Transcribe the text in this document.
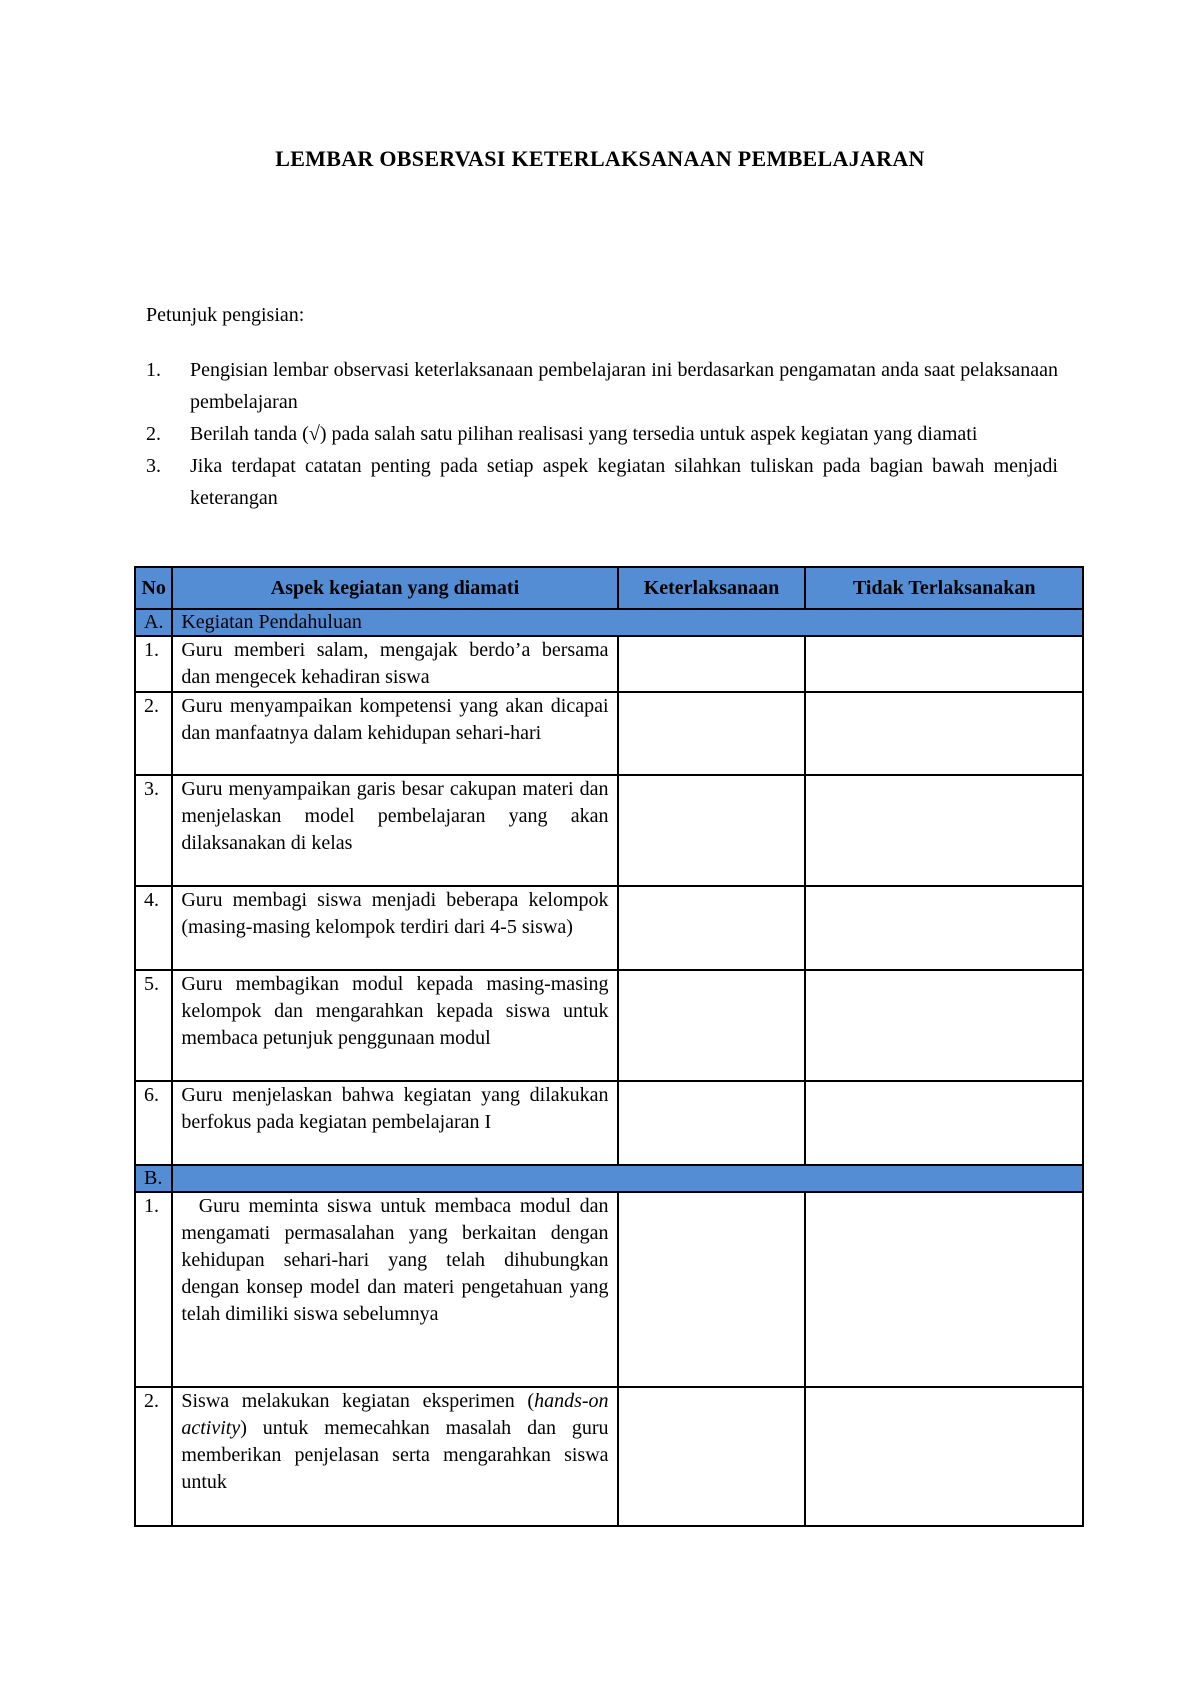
LEMBAR OBSERVASI KETERLAKSANAAN PEMBELAJARAN
Petunjuk pengisian:
1. Pengisian lembar observasi keterlaksanaan pembelajaran ini berdasarkan pengamatan anda saat pelaksanaan pembelajaran
2. Berilah tanda (√) pada salah satu pilihan realisasi yang tersedia untuk aspek kegiatan yang diamati
3. Jika terdapat catatan penting pada setiap aspek kegiatan silahkan tuliskan pada bagian bawah menjadi keterangan
No	Aspek kegiatan yang diamati	Keterlaksanaan	Tidak Terlaksanakan
A.	Kegiatan Pendahuluan		
1.	Guru memberi salam, mengajak berdo’a bersama dan mengecek kehadiran siswa		
2.	Guru menyampaikan kompetensi yang akan dicapai dan manfaatnya dalam kehidupan sehari-hari		
3.	Guru menyampaikan garis besar cakupan materi dan menjelaskan model pembelajaran yang akan dilaksanakan di kelas		
4.	Guru membagi siswa menjadi beberapa kelompok (masing-masing kelompok terdiri dari 4-5 siswa)		
5.	Guru membagikan modul kepada masing-masing kelompok dan mengarahkan kepada siswa untuk membaca petunjuk penggunaan modul		
6.	Guru menjelaskan bahwa kegiatan yang dilakukan berfokus pada kegiatan pembelajaran I		
B.			
1.	Guru meminta siswa untuk membaca modul dan mengamati permasalahan yang berkaitan dengan kehidupan sehari-hari yang telah dihubungkan dengan konsep model dan materi pengetahuan yang telah dimiliki siswa sebelumnya		
2.	Siswa melakukan kegiatan eksperimen (hands-on activity) untuk memecahkan masalah dan guru memberikan penjelasan serta mengarahkan siswa untuk		
